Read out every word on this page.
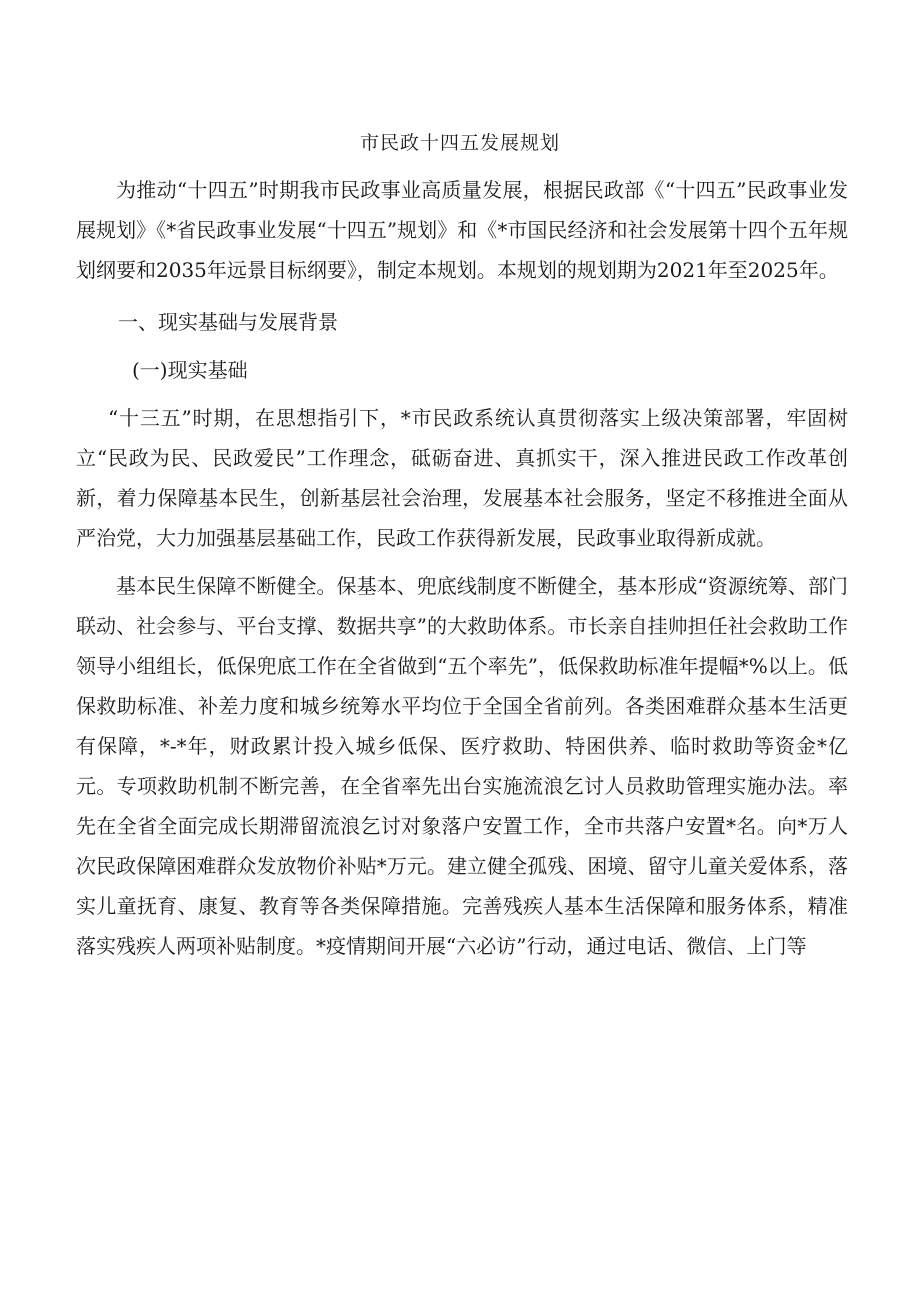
市民政十四五发展规划

为推动“十四五”时期我市民政事业高质量发展，根据民政部《“十四五”民政事业发展规划》《*省民政事业发展“十四五”规划》和《*市国民经济和社会发展第十四个五年规划纲要和2035年远景目标纲要》，制定本规划。本规划的规划期为2021年至2025年。

一、现实基础与发展背景

(一)现实基础

“十三五”时期，在思想指引下，*市民政系统认真贯彻落实上级决策部署，牢固树立“民政为民、民政爱民”工作理念，砥砺奋进、真抓实干，深入推进民政工作改革创新，着力保障基本民生，创新基层社会治理，发展基本社会服务，坚定不移推进全面从严治党，大力加强基层基础工作，民政工作获得新发展，民政事业取得新成就。

基本民生保障不断健全。保基本、兜底线制度不断健全，基本形成“资源统筹、部门联动、社会参与、平台支撑、数据共享”的大救助体系。市长亲自挂帅担任社会救助工作领导小组组长，低保兜底工作在全省做到“五个率先”，低保救助标准年提幅*%以上。低保救助标准、补差力度和城乡统筹水平均位于全国全省前列。各类困难群众基本生活更有保障，*-*年，财政累计投入城乡低保、医疗救助、特困供养、临时救助等资金*亿元。专项救助机制不断完善，在全省率先出台实施流浪乞讨人员救助管理实施办法。率先在全省全面完成长期滞留流浪乞讨对象落户安置工作，全市共落户安置*名。向*万人次民政保障困难群众发放物价补贴*万元。建立健全孤残、困境、留守儿童关爱体系，落实儿童抚育、康复、教育等各类保障措施。完善残疾人基本生活保障和服务体系，精准落实残疾人两项补贴制度。*疫情期间开展“六必访”行动，通过电话、微信、上门等
